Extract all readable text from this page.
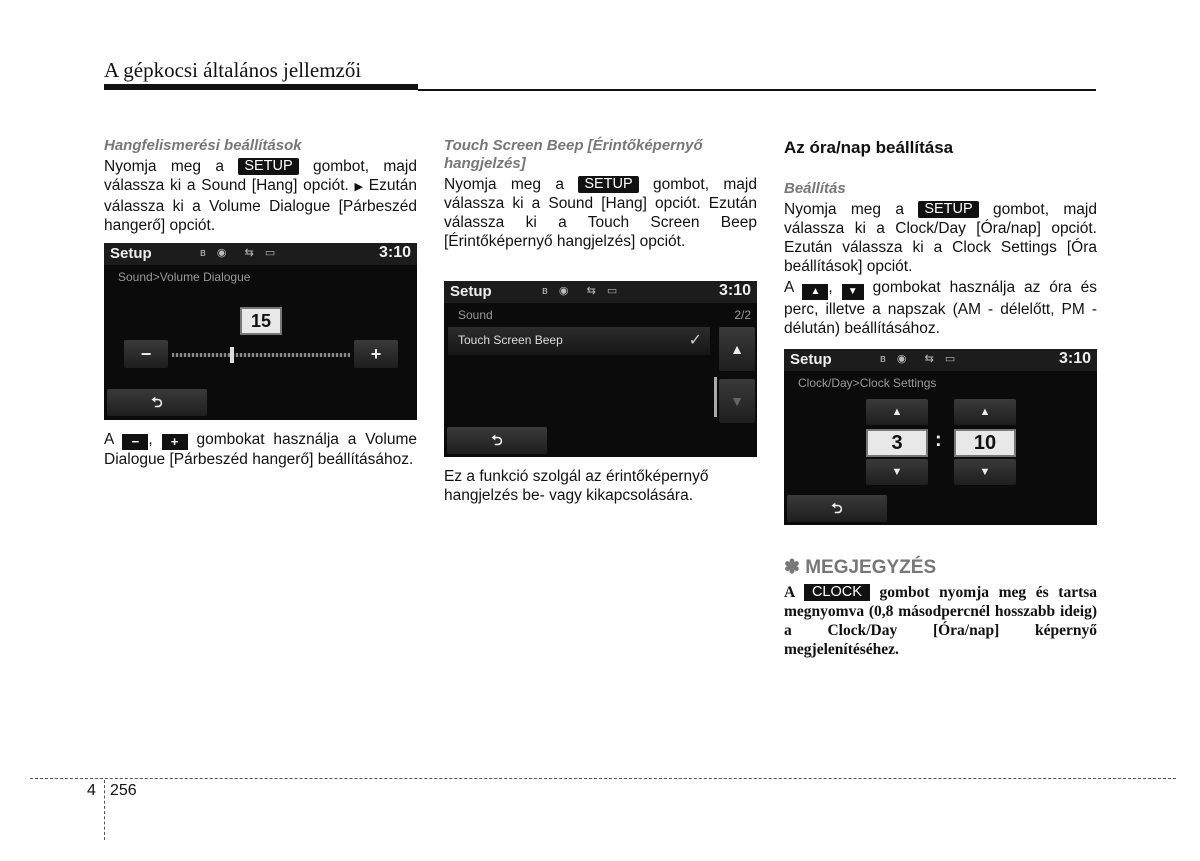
A gépkocsi általános jellemzői
Hangfelismerési beállítások

Nyomja meg a SETUP gombot, majd válassza ki a Sound [Hang] opciót. ▶ Ezután válassza ki a Volume Dialogue [Párbeszéd hangerő] opciót.

Setup	ʙ ◉  ⇆ ▭	3:10
Sound>Volume Dialogue
15
−	+
⮌

A − , + gombokat használja a Volume Dialogue [Párbeszéd hangerő] beállításához.

Touch Screen Beep [Érintőképernyő hangjelzés]

Nyomja meg a SETUP gombot, majd válassza ki a Sound [Hang] opciót. Ezután válassza ki a Touch Screen Beep [Érintőképernyő hangjelzés] opciót.

Setup	ʙ ◉  ⇆ ▭	3:10
Sound	2/2
Touch Screen Beep	✓	▲
▼
⮌

Ez a funkció szolgál az érintőképernyő hangjelzés be- vagy kikapcsolására.

Az óra/nap beállítása
Beállítás

Nyomja meg a SETUP gombot, majd válassza ki a Clock/Day [Óra/nap] opciót. Ezután válassza ki a Clock Settings [Óra beállítások] opciót.

A ▲ , ▼ gombokat használja az óra és perc, illetve a napszak (AM - délelőtt, PM - délután) beállításához.

Setup	ʙ ◉  ⇆ ▭	3:10
Clock/Day>Clock Settings
▲
3
▼
:
▲
10
▼
⮌
✽ MEGJEGYZÉS

A CLOCK gombot nyomja meg és tartsa megnyomva (0,8 másodpercnél hosszabb ideig) a Clock/Day [Óra/nap] képernyő megjelenítéséhez.

4 256
